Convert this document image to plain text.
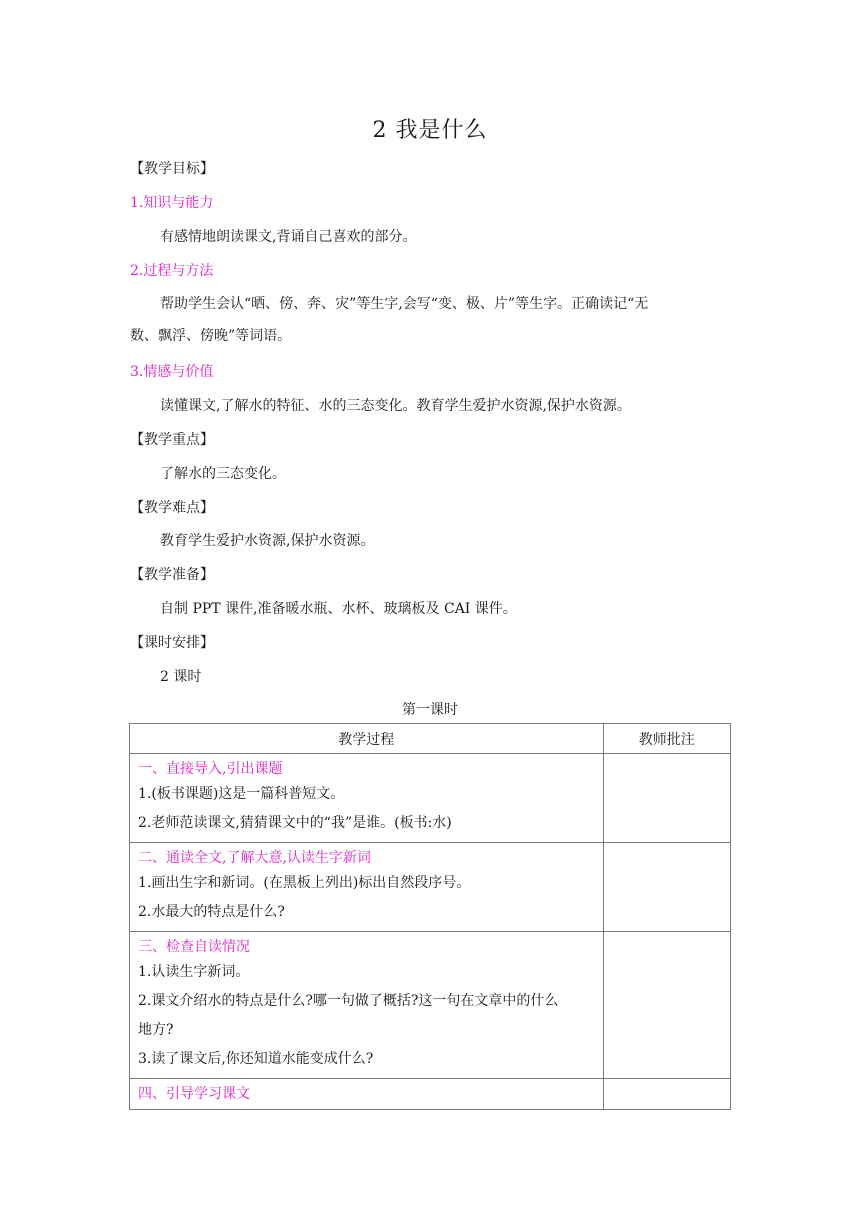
2 我是什么
【教学目标】
1.知识与能力
有感情地朗读课文,背诵自己喜欢的部分。
2.过程与方法
帮助学生会认“晒、傍、奔、灾”等生字,会写“变、极、片”等生字。正确读记“无
数、飘浮、傍晚”等词语。
3.情感与价值
读懂课文,了解水的特征、水的三态变化。教育学生爱护水资源,保护水资源。
【教学重点】
了解水的三态变化。
【教学难点】
教育学生爱护水资源,保护水资源。
【教学准备】
自制 PPT 课件,准备暖水瓶、水杯、玻璃板及 CAI 课件。
【课时安排】
2 课时
第一课时
教学过程	教师批注

一、直接导入,引出课题
1.(板书课题)这是一篇科普短文。
2.老师范读课文,猜猜课文中的“我”是谁。(板书:水)	

二、通读全文,了解大意,认读生字新词
1.画出生字和新词。(在黑板上列出)标出自然段序号。
2.水最大的特点是什么?	

三、检查自读情况
1.认读生字新词。
2.课文介绍水的特点是什么?哪一句做了概括?这一句在文章中的什么
地方?
3.读了课文后,你还知道水能变成什么?	

四、引导学习课文	
